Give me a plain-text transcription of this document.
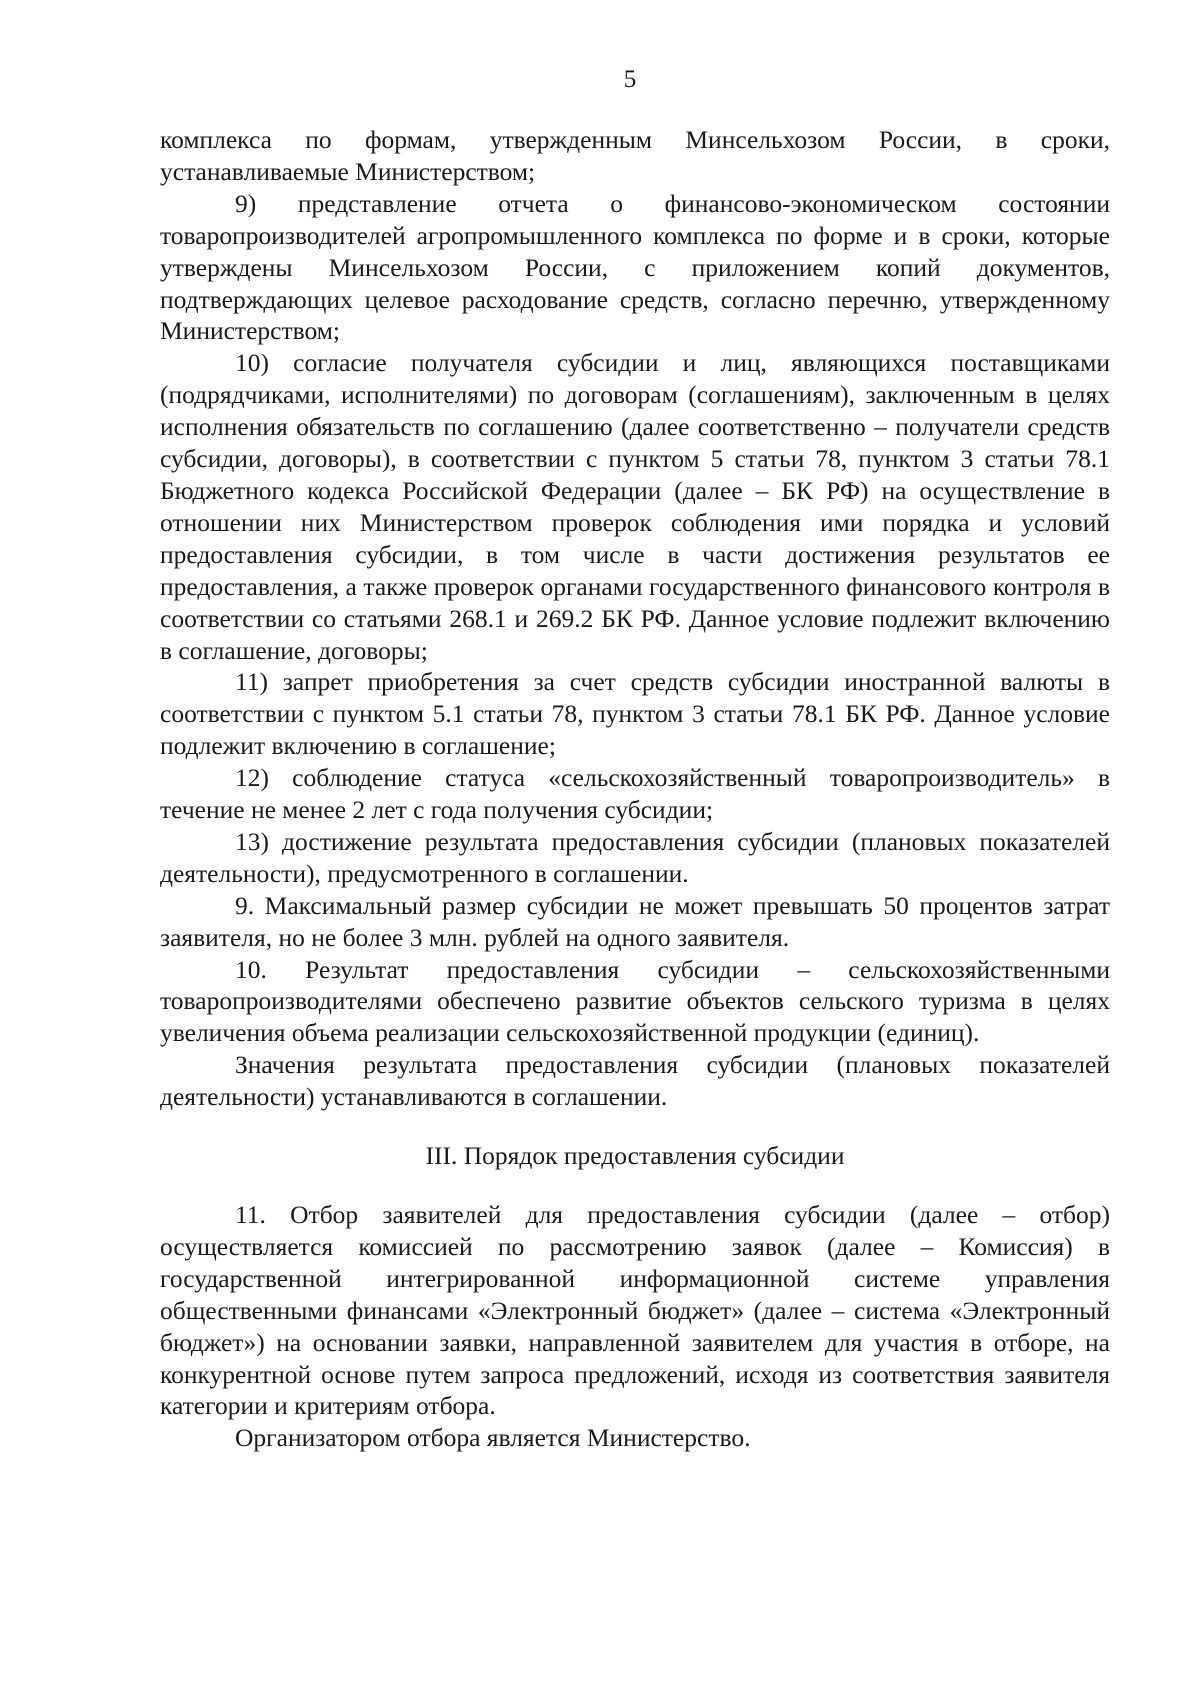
5

комплекса по формам, утвержденным Минсельхозом России, в сроки, устанавливаемые Министерством;

9) представление отчета о финансово-экономическом состоянии товаропроизводителей агропромышленного комплекса по форме и в сроки, которые утверждены Минсельхозом России, с приложением копий документов, подтверждающих целевое расходование средств, согласно перечню, утвержденному Министерством;

10) согласие получателя субсидии и лиц, являющихся поставщиками (подрядчиками, исполнителями) по договорам (соглашениям), заключенным в целях исполнения обязательств по соглашению (далее соответственно – получатели средств субсидии, договоры), в соответствии с пунктом 5 статьи 78, пунктом 3 статьи 78.1 Бюджетного кодекса Российской Федерации (далее – БК РФ) на осуществление в отношении них Министерством проверок соблюдения ими порядка и условий предоставления субсидии, в том числе в части достижения результатов ее предоставления, а также проверок органами государственного финансового контроля в соответствии со статьями 268.1 и 269.2 БК РФ. Данное условие подлежит включению в соглашение, договоры;

11) запрет приобретения за счет средств субсидии иностранной валюты в соответствии с пунктом 5.1 статьи 78, пунктом 3 статьи 78.1 БК РФ. Данное условие подлежит включению в соглашение;

12) соблюдение статуса «сельскохозяйственный товаропроизводитель» в течение не менее 2 лет с года получения субсидии;

13) достижение результата предоставления субсидии (плановых показателей деятельности), предусмотренного в соглашении.

9. Максимальный размер субсидии не может превышать 50 процентов затрат заявителя, но не более 3 млн. рублей на одного заявителя.

10. Результат предоставления субсидии – сельскохозяйственными товаропроизводителями обеспечено развитие объектов сельского туризма в целях увеличения объема реализации сельскохозяйственной продукции (единиц).

Значения результата предоставления субсидии (плановых показателей деятельности) устанавливаются в соглашении.

III. Порядок предоставления субсидии

11. Отбор заявителей для предоставления субсидии (далее – отбор) осуществляется комиссией по рассмотрению заявок (далее – Комиссия) в государственной интегрированной информационной системе управления общественными финансами «Электронный бюджет» (далее – система «Электронный бюджет») на основании заявки, направленной заявителем для участия в отборе, на конкурентной основе путем запроса предложений, исходя из соответствия заявителя категории и критериям отбора.

Организатором отбора является Министерство.
